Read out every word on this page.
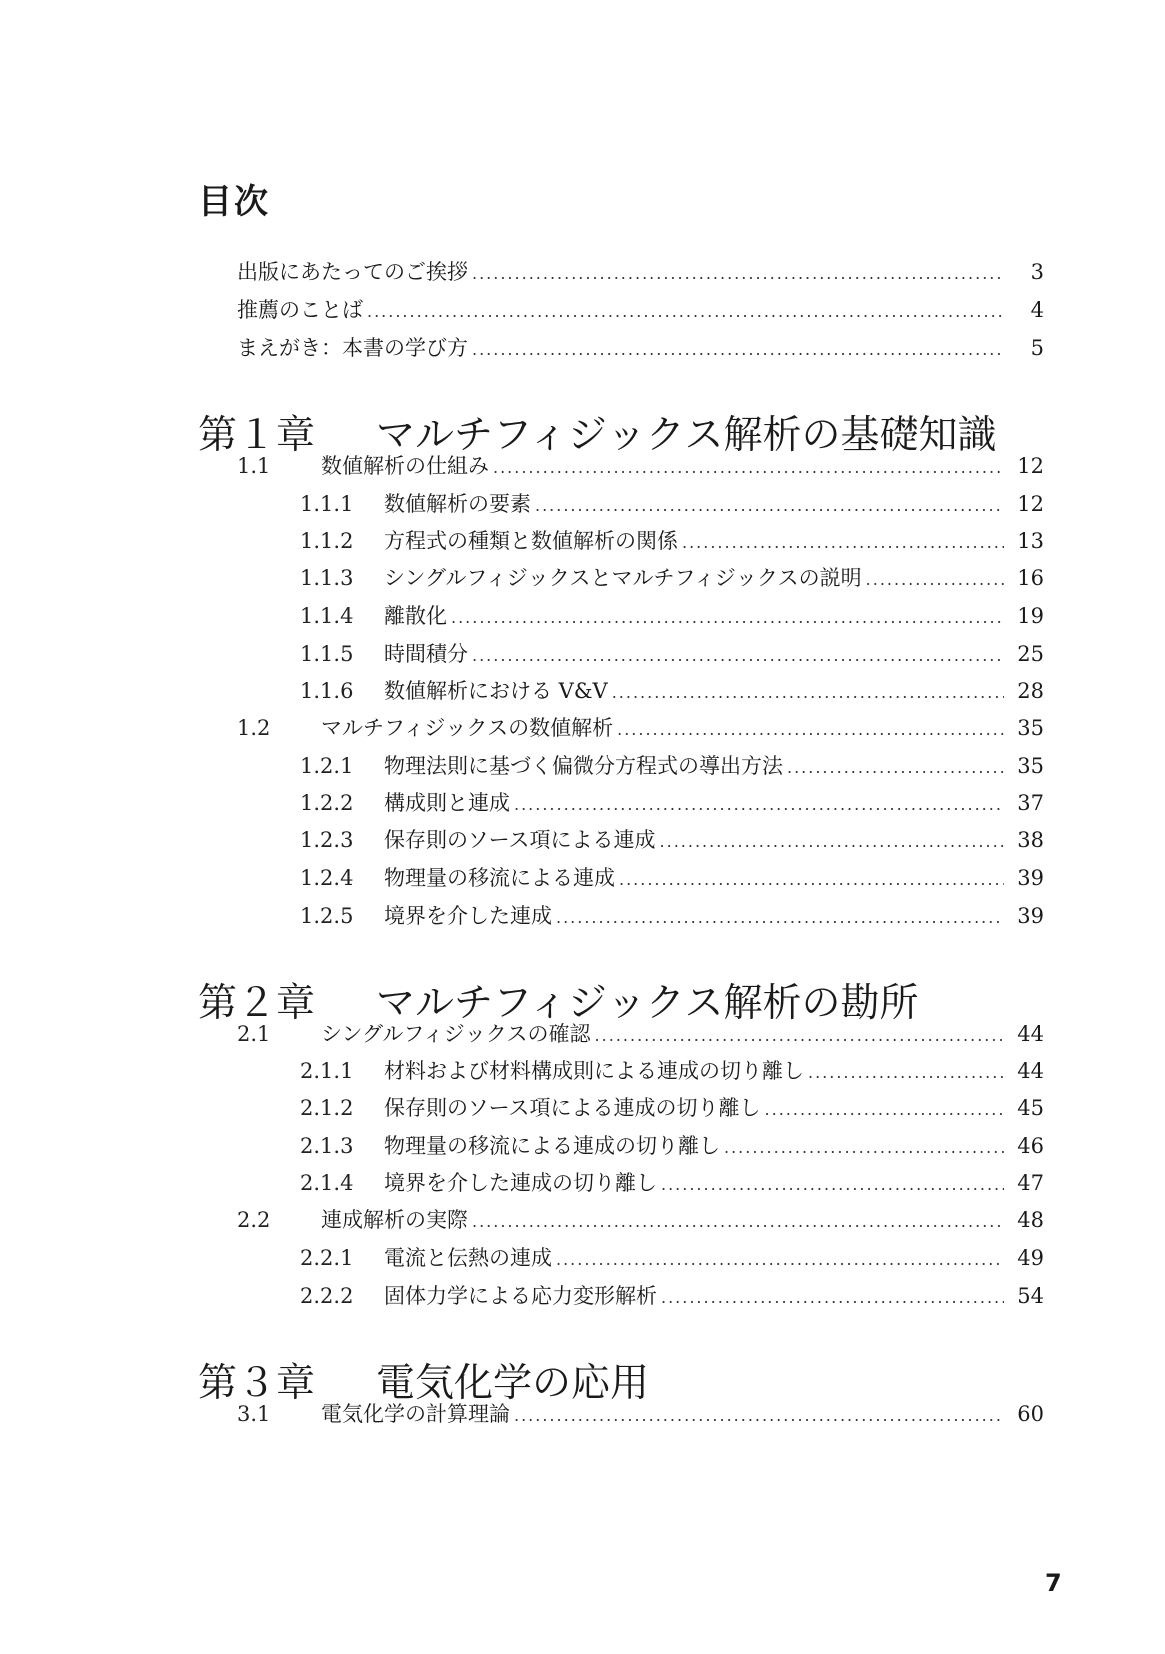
目次
出版にあたってのご挨拶 .....	3
推薦のことば .....	4
まえがき：本書の学び方 .....	5
第１章	マルチフィジックス解析の基礎知識
1.1	数値解析の仕組み .....	12
1.1.1	数値解析の要素 .....	12
1.1.2	方程式の種類と数値解析の関係 .....	13
1.1.3	シングルフィジックスとマルチフィジックスの説明 .....	16
1.1.4	離散化 .....	19
1.1.5	時間積分 .....	25
1.1.6	数値解析における V&V .....	28
1.2	マルチフィジックスの数値解析 .....	35
1.2.1	物理法則に基づく偏微分方程式の導出方法 .....	35
1.2.2	構成則と連成 .....	37
1.2.3	保存則のソース項による連成 .....	38
1.2.4	物理量の移流による連成 .....	39
1.2.5	境界を介した連成 .....	39
第２章	マルチフィジックス解析の勘所
2.1	シングルフィジックスの確認 .....	44
2.1.1	材料および材料構成則による連成の切り離し .....	44
2.1.2	保存則のソース項による連成の切り離し .....	45
2.1.3	物理量の移流による連成の切り離し .....	46
2.1.4	境界を介した連成の切り離し .....	47
2.2	連成解析の実際 .....	48
2.2.1	電流と伝熱の連成 .....	49
2.2.2	固体力学による応力変形解析 .....	54
第３章	電気化学の応用
3.1	電気化学の計算理論 .....	60
7
